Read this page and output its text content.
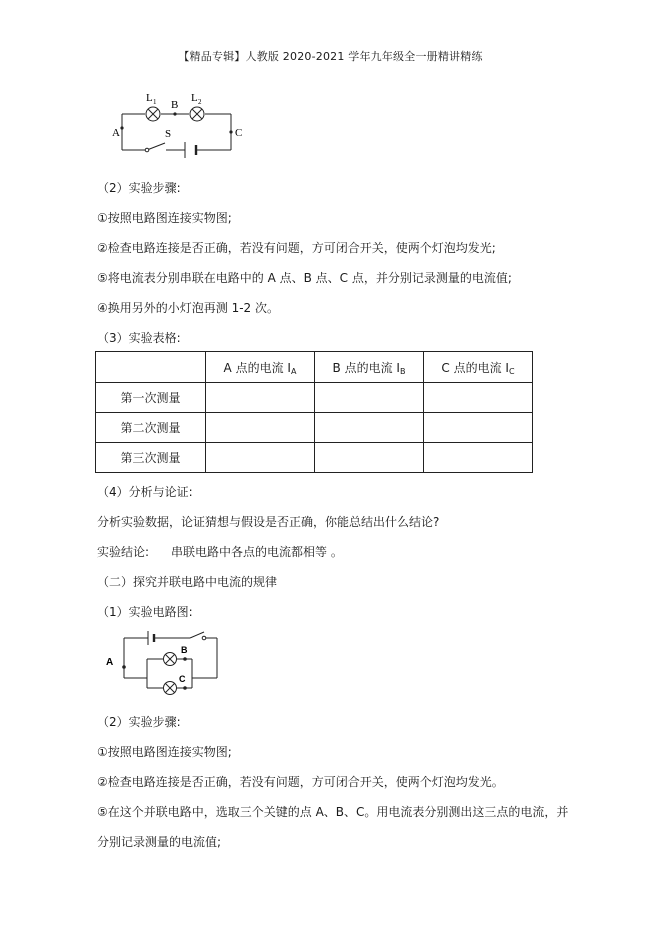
【精品专辑】人教版 2020-2021 学年九年级全一册精讲精练
L 1	L 2
B
A	C
S
（2）实验步骤:
①按照电路图连接实物图;
②检查电路连接是否正确，若没有问题，方可闭合开关，使两个灯泡均发光;
⑤将电流表分别串联在电路中的 A 点、B 点、C 点，并分别记录测量的电流值;
④换用另外的小灯泡再测 1-2 次。
（3）实验表格:
	A 点的电流 $I_A$	B 点的电流 $I_B$	C 点的电流 $I_C$
第一次测量			
第二次测量			
第三次测量			
（4）分析与论证:
分析实验数据，论证猜想与假设是否正确，你能总结出什么结论?
实验结论: 串联电路中各点的电流都相等 。
（二）探究并联电路中电流的规律
（1）实验电路图:
A
B
C
（2）实验步骤:
①按照电路图连接实物图;
②检查电路连接是否正确，若没有问题，方可闭合开关，使两个灯泡均发光。
⑤在这个并联电路中，选取三个关键的点 A、B、C。用电流表分别测出这三点的电流，并
分别记录测量的电流值;
